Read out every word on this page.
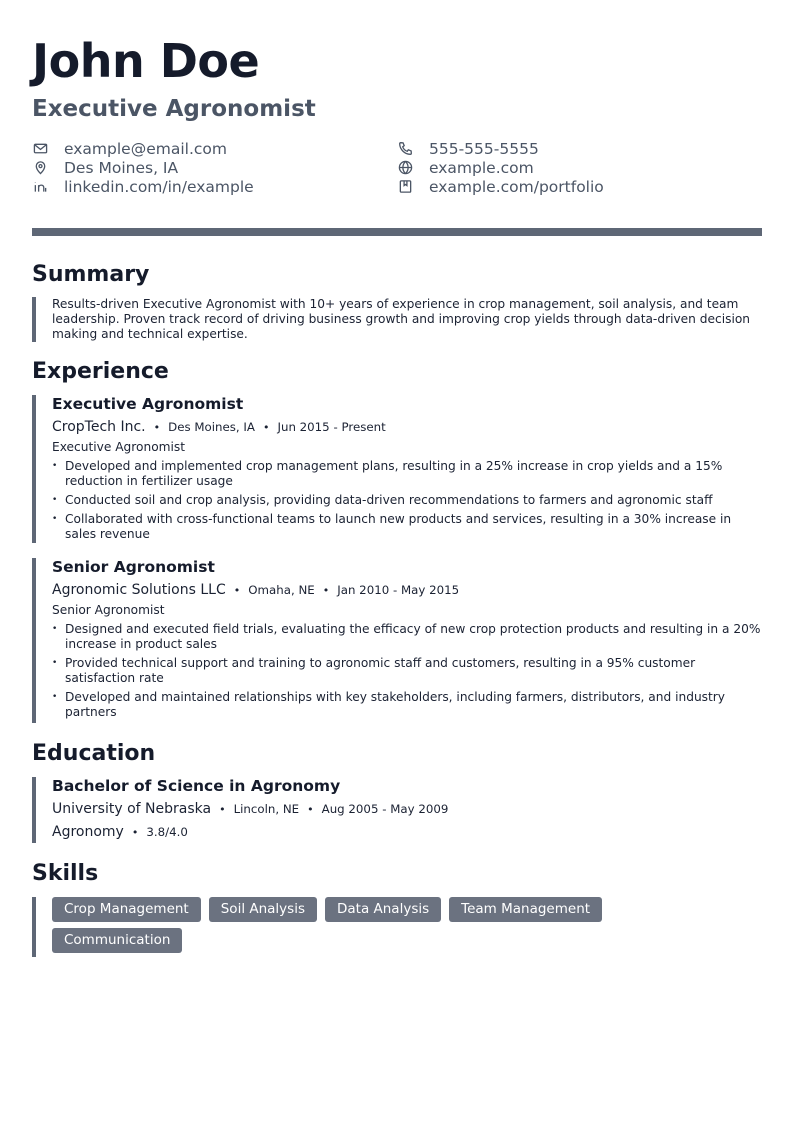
John Doe
Executive Agronomist
example@email.com
Des Moines, IA
linkedin.com/in/example
555-555-5555
example.com
example.com/portfolio
Summary
Results-driven Executive Agronomist with 10+ years of experience in crop management, soil analysis, and team leadership. Proven track record of driving business growth and improving crop yields through data-driven decision making and technical expertise.
Experience
Executive Agronomist
CropTech Inc. • Des Moines, IA • Jun 2015 - Present
Executive Agronomist
• Developed and implemented crop management plans, resulting in a 25% increase in crop yields and a 15% reduction in fertilizer usage
• Conducted soil and crop analysis, providing data-driven recommendations to farmers and agronomic staff
• Collaborated with cross-functional teams to launch new products and services, resulting in a 30% increase in sales revenue
Senior Agronomist
Agronomic Solutions LLC • Omaha, NE • Jan 2010 - May 2015
Senior Agronomist
• Designed and executed field trials, evaluating the efficacy of new crop protection products and resulting in a 20% increase in product sales
• Provided technical support and training to agronomic staff and customers, resulting in a 95% customer satisfaction rate
• Developed and maintained relationships with key stakeholders, including farmers, distributors, and industry partners
Education
Bachelor of Science in Agronomy
University of Nebraska • Lincoln, NE • Aug 2005 - May 2009
Agronomy • 3.8/4.0
Skills
Crop Management	Soil Analysis	Data Analysis	Team Management
Communication
